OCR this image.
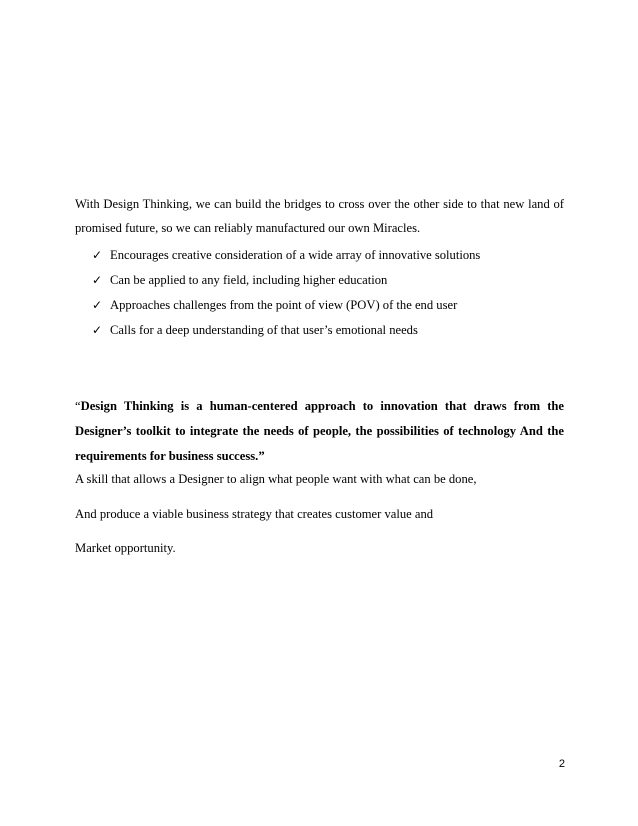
With Design Thinking, we can build the bridges to cross over the other side to that new land of promised future, so we can reliably manufactured our own Miracles.

✓ Encourages creative consideration of a wide array of innovative solutions
✓ Can be applied to any field, including higher education
✓ Approaches challenges from the point of view (POV) of the end user
✓ Calls for a deep understanding of that user’s emotional needs

“Design Thinking is a human-centered approach to innovation that draws from the Designer’s toolkit to integrate the needs of people, the possibilities of technology And the requirements for business success.”

A skill that allows a Designer to align what people want with what can be done,

And produce a viable business strategy that creates customer value and

Market opportunity.

2
